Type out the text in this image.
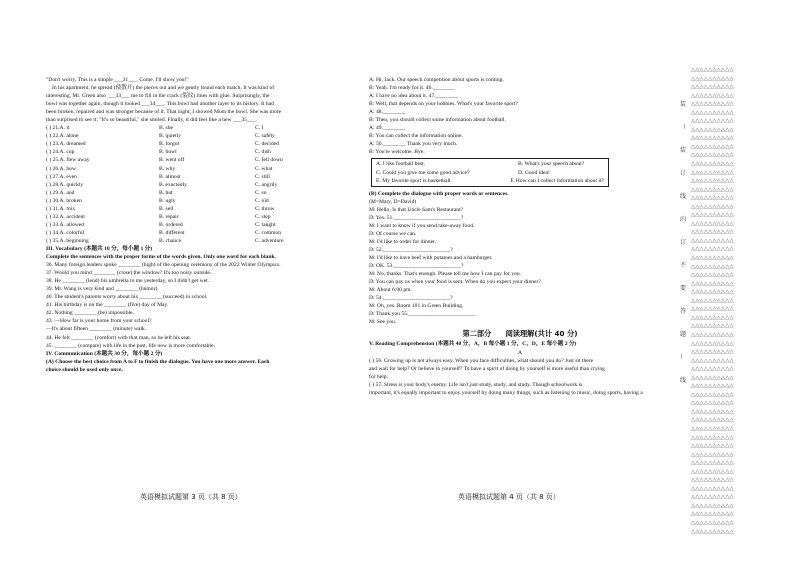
"Don't worry. This is a simple ___31___. Come. I'll show you!"
In his apartment, he spread (使散开) the pieces out and we gently found each match. It was kind of
interesting. Mr. Green also ___33___ me to fill in the crack (裂纹) lines with glue. Surprisingly, the
bowl was together again, though it looked ___34___. This bowl had another layer to its history. It had
been broken, repaired and was stronger because of it. That night, I showed Mom the bowl. She was more
than surprised to see it: "It's so beautiful," she smiled. Finally, it did feel like a new ___35___.
( ) 21.A. it	B. she	C. I
( ) 22.A. alone	B. quietly	C. safely
( ) 23.A. dreamed	B. forgot	C. decided
( ) 24.A. cup	B. bowl	C. dish
( ) 25.A. flew away	B. went off	C. fell down
( ) 26.A. how	B. why	C. what
( ) 27.A. even	B. almost	C. still
( ) 28.A. quickly	B. exactedly	C. angrily
( ) 29.A. and	B. but	C. so
( ) 30.A. broken	B. ugly	C. old
( ) 31.A. mix	B. sell	C. throw
( ) 32.A. accident	B. repair	C. step
( ) 33.A. allowed	B. ordered	C. taught
( ) 34.A. colorful	B. different	C. common
( ) 35.A. beginning	B. chance	C. adventure
III. Vocabulary (本题共 10 分，每小题 1 分)
Complete the sentences with the proper forms of the words given. Only one word for each blank.
36. Many foreign leaders spoke ________ (high) of the opening ceremony of the 2022 Winter Olympics.
37. Would you mind ________ (close) the window? It's too noisy outside.
38. He ________ (lend) his umbrella to me yesterday, so I didn't get wet.
39. Mr. Wang is very kind and ________ (humor).
40. The student's parents worry about his ________ (succeed) in school.
41. His birthday is on the ________ (five) day of May.
42. Nothing ________ (be) impossible.
43. —How far is your home from your school?
—It's about fifteen ________ (minute) walk.
44. He felt ________ (comfort) with that man, so he left his seat.
45. ________ (compare) with life in the past, life now is more comfortable.
IV. Communication (本题共 30 分，每小题 2 分)
(A) Choose the best choice from A to F to finish the dialogue. You have one more answer. Each
choice should be used only once.
英语模拟试题第 3 页（共 8 页）
A: Hi, Jack. Our speech competition about sports is coming.
B: Yeah. I'm ready for it. 46.________
A: I have no idea about it. 47.________
B: Well, that depends on your hobbies. What's your favorite sport?
A: 48.________
B: Then, you should collect some information about football.
A: 49.________
B: You can collect the information online.
A: 50.________ Thank you very much.
B: You're welcome. Bye.
A. I like football best.	B. What's your speech about?
C. Could you give me some good advice?	D. Good idea!
E. My favorite sport is basketball.	F. How can I collect information about it?
(B) Complete the dialogue with proper words or sentences.
(M=Mary, D=David)
M: Hello, Is that Uncle Sam's Restaurant?
D: Yes. 51.________________________?
M: I want to know if you send take-away food.
D: Of course we can.
M: I'd like to order for dinner.
D: 52.________________________?
M: I'd like to have beef with potatoes and a hamburger.
D: OK. 53.________________________?
M: No, thanks. That's enough. Please tell me how I can pay for you.
D: You can pay us when your food is sent. When do you expect your dinner?
M: About 6:00 pm.
D: 54.________________________?
M: Oh, yes. Room 101 in Green Building.
D: Thank you 55.________________________
M: See you.
第二部分　　阅读理解(共计 40 分)
V. Reading Comprehension (本题共 40 分，A，B 每小题 1 分，C，D，E 每小题 2 分)
A
( ) 56. Growing up is not always easy. When you face difficulties, what should you do? Just sit there
and wait for help? Or believe in yourself? To have a spirit of doing by yourself is more useful than crying
for help.
( ) 57. Stress is your body's enemy. Life isn't just study, study, and study. Though schoolwork is
important, it's equally important to enjoy yourself by doing many things, such as listening to music, doing sports, having a
英语模拟试题第 4 页（共 8 页）
装
（
装
订
线
内
订
不
要
答
题
）
线
△△△△△△△△△△
△△△△△△△△△△
△△△△△△△△△△
△△△△△△△△△△
△△△△△△△△△△
△△△△△△△△△△
△△△△△△△△△△
△△△△△△△△△△
△△△△△△△△△△
△△△△△△△△△△
△△△△△△△△△△
△△△△△△△△△△
△△△△△△△△△△
△△△△△△△△△△
△△△△△△△△△△
△△△△△△△△△△
△△△△△△△△△△
△△△△△△△△△△
△△△△△△△△△△
△△△△△△△△△△
△△△△△△△△△△
△△△△△△△△△△
△△△△△△△△△△
△△△△△△△△△△
△△△△△△△△△△
△△△△△△△△△△
△△△△△△△△△△
△△△△△△△△△△
△△△△△△△△△△
△△△△△△△△△△
△△△△△△△△△△
△△△△△△△△△△
△△△△△△△△△△
△△△△△△△△△△
△△△△△△△△△△
△△△△△△△△△△
△△△△△△△△△△
△△△△△△△△△△
△△△△△△△△△△
△△△△△△△△△△
△△△△△△△△△△
△△△△△△△△△△
△△△△△△△△△△
△△△△△△△△△△
△△△△△△△△△△
△△△△△△△△△△
△△△△△△△△△△
△△△△△△△△△△
△△△△△△△△△△
△△△△△△△△△△
△△△△△△△△△△
△△△△△△△△△△
△△△△△△△△△△
△△△△△△△△△△
△△△△△△△△△△
